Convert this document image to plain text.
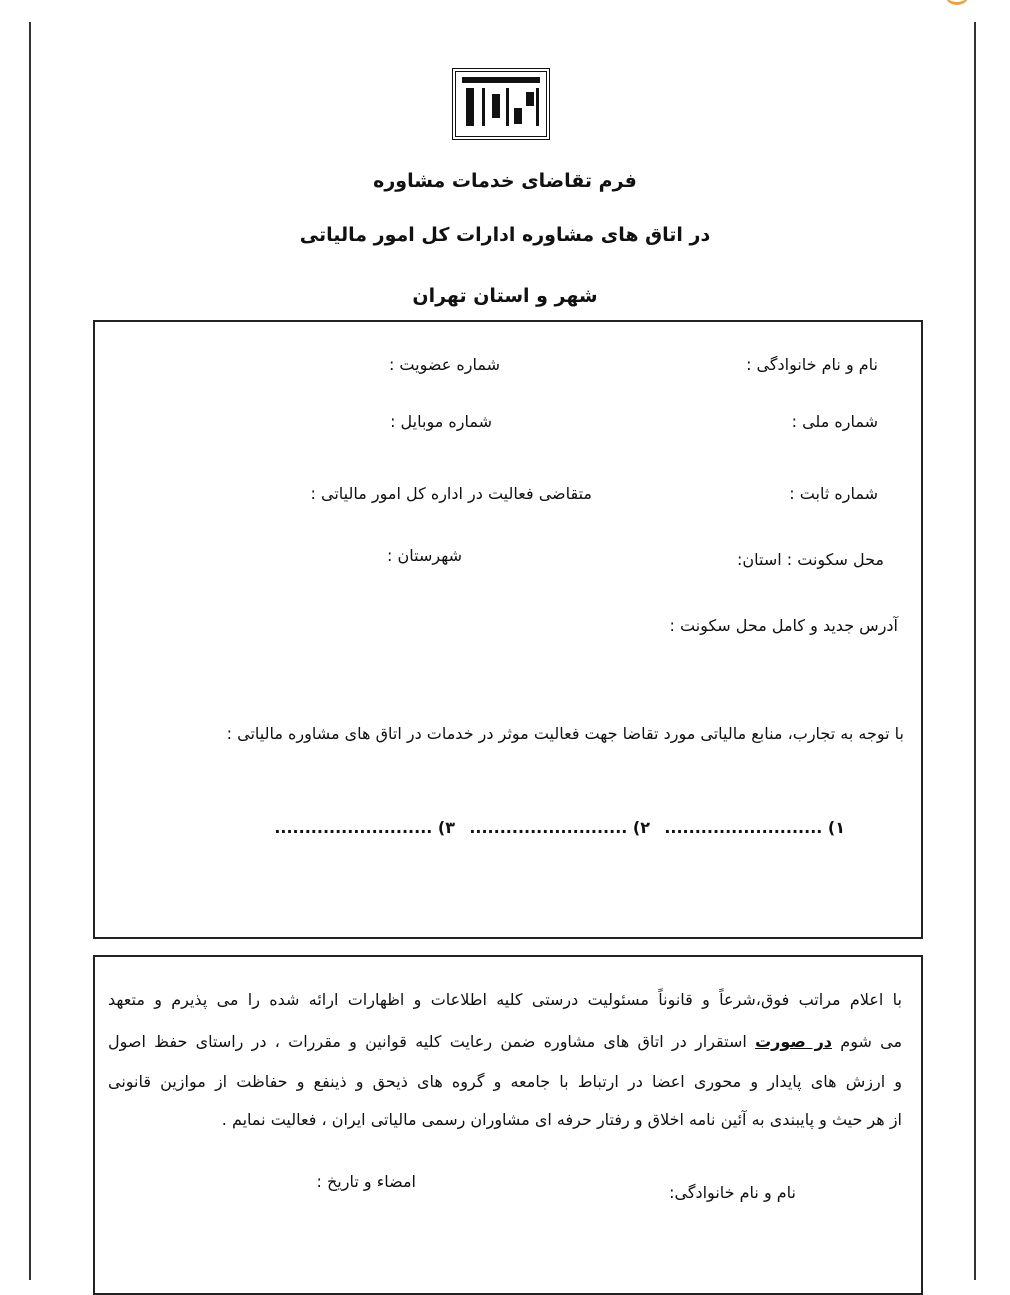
فرم تقاضای خدمات مشاوره
در اتاق های مشاوره ادارات کل امور مالیاتی
شهر و استان تهران
نام و نام خانوادگی :
شماره عضویت :
شماره ملی :
شماره موبایل :
شماره ثابت :
متقاضی فعالیت در اداره کل امور مالیاتی :
محل سکونت : استان:
شهرستان :
آدرس جدید و کامل محل سکونت :
با توجه به تجارب، منابع مالیاتی مورد تقاضا جهت فعالیت موثر در خدمات در اتاق های مشاوره مالیاتی :
۱) ..........................
۲) ..........................
۳) ..........................
با اعلام مراتب فوق،شرعاً و قانوناً مسئولیت درستی کلیه اطلاعات و اظهارات ارائه شده را می پذیرم و متعهد
می شوم در صورت استقرار در اتاق های مشاوره ضمن رعایت کلیه قوانین و مقررات ، در راستای حفظ اصول
و ارزش های پایدار و محوری اعضا در ارتباط با جامعه و گروه های ذیحق و ذینفع و حفاظت از موازین قانونی
از هر حیث و پایبندی به آئین نامه اخلاق و رفتار حرفه ای مشاوران رسمی مالیاتی ایران ، فعالیت نمایم .
نام و نام خانوادگی:
امضاء و تاریخ :
